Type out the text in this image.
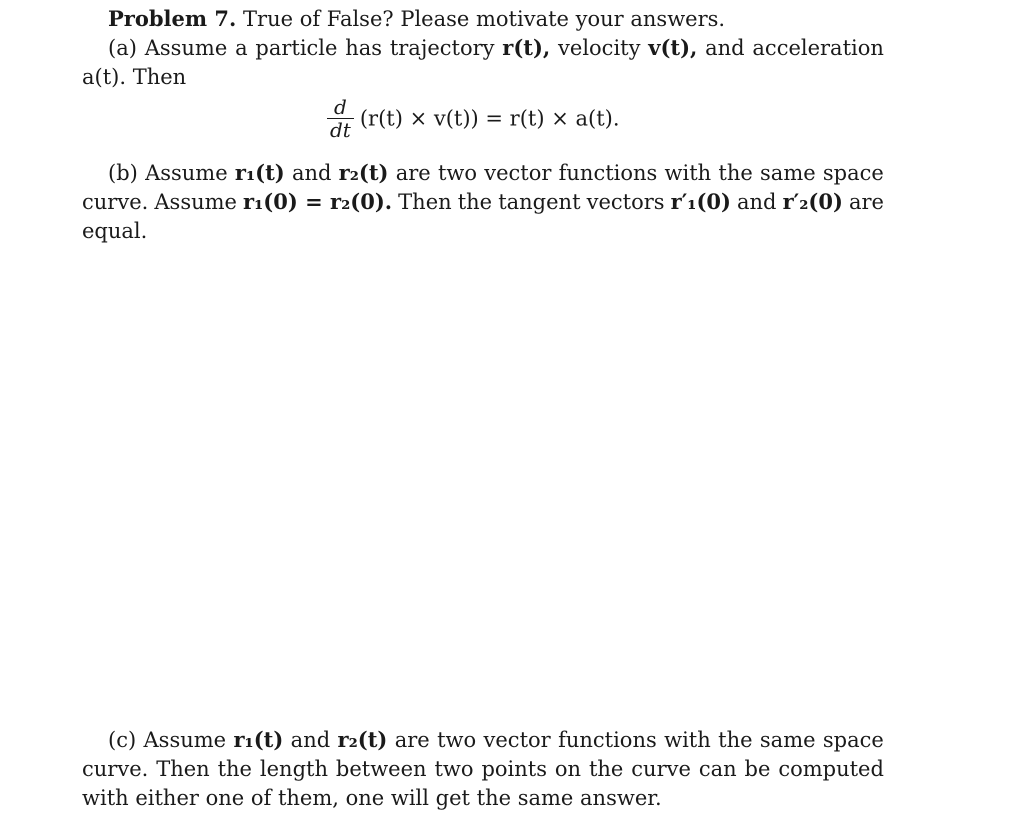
Problem 7. True of False? Please motivate your answers.
(a) Assume a particle has trajectory r(t), velocity v(t), and acceleration
a(t). Then
$\frac{d}{dt} (r(t) \times v(t)) = r(t) \times a(t)$.
(b) Assume r₁(t) and r₂(t) are two vector functions with the same space
curve. Assume r₁(0) = r₂(0). Then the tangent vectors r′₁(0) and r′₂(0) are
equal.
(c) Assume r₁(t) and r₂(t) are two vector functions with the same space
curve. Then the length between two points on the curve can be computed
with either one of them, one will get the same answer.
